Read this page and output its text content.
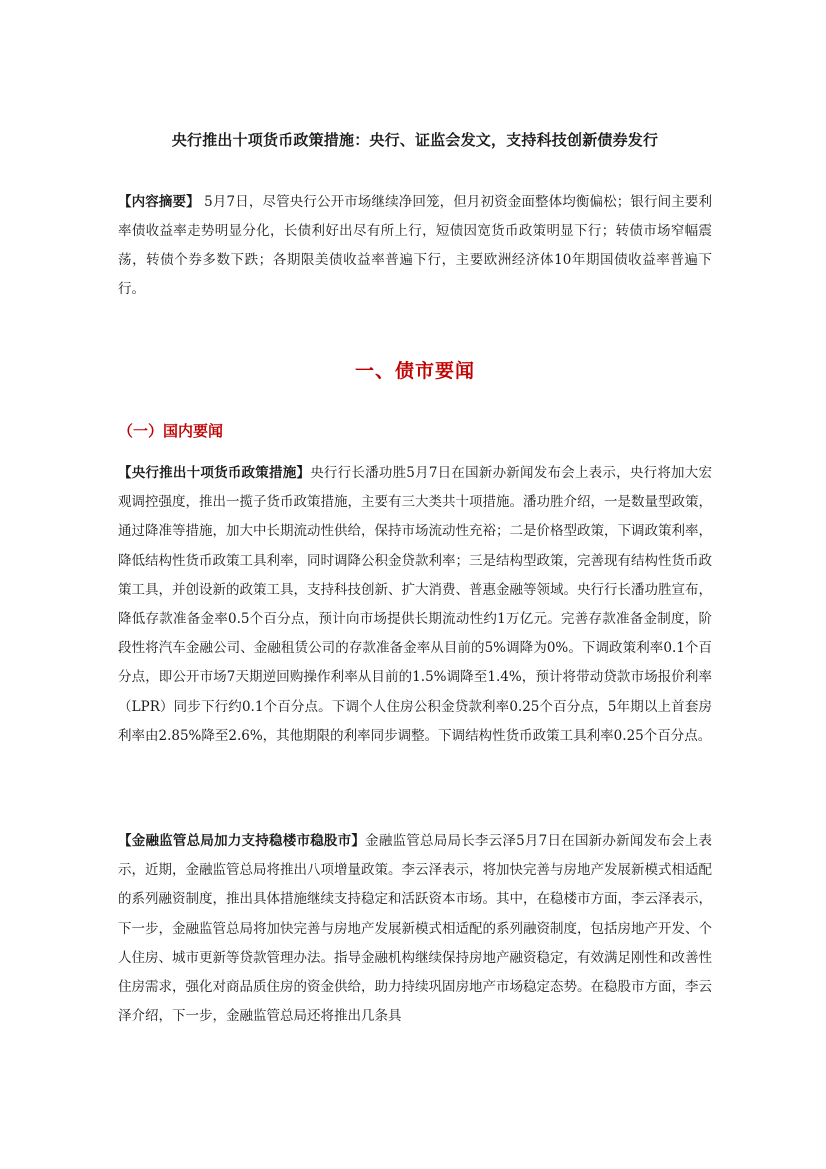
央行推出十项货币政策措施：央行、证监会发文，支持科技创新债券发行

【内容摘要】 5月7日，尽管央行公开市场继续净回笼，但月初资金面整体均衡偏松；银行间主要利率债收益率走势明显分化，长债利好出尽有所上行，短债因宽货币政策明显下行；转债市场窄幅震荡，转债个券多数下跌；各期限美债收益率普遍下行，主要欧洲经济体10年期国债收益率普遍下行。

一、债市要闻
（一）国内要闻

【央行推出十项货币政策措施】央行行长潘功胜5月7日在国新办新闻发布会上表示，央行将加大宏观调控强度，推出一揽子货币政策措施，主要有三大类共十项措施。潘功胜介绍，一是数量型政策，通过降准等措施，加大中长期流动性供给，保持市场流动性充裕；二是价格型政策，下调政策利率，降低结构性货币政策工具利率，同时调降公积金贷款利率；三是结构型政策，完善现有结构性货币政策工具，并创设新的政策工具，支持科技创新、扩大消费、普惠金融等领域。央行行长潘功胜宣布，降低存款准备金率0.5个百分点，预计向市场提供长期流动性约1万亿元。完善存款准备金制度，阶段性将汽车金融公司、金融租赁公司的存款准备金率从目前的5%调降为0%。下调政策利率0.1个百分点，即公开市场7天期逆回购操作利率从目前的1.5%调降至1.4%，预计将带动贷款市场报价利率（LPR）同步下行约0.1个百分点。下调个人住房公积金贷款利率0.25个百分点，5年期以上首套房利率由2.85%降至2.6%，其他期限的利率同步调整。下调结构性货币政策工具利率0.25个百分点。

【金融监管总局加力支持稳楼市稳股市】金融监管总局局长李云泽5月7日在国新办新闻发布会上表示，近期，金融监管总局将推出八项增量政策。李云泽表示，将加快完善与房地产发展新模式相适配的系列融资制度，推出具体措施继续支持稳定和活跃资本市场。其中，在稳楼市方面，李云泽表示，下一步，金融监管总局将加快完善与房地产发展新模式相适配的系列融资制度，包括房地产开发、个人住房、城市更新等贷款管理办法。指导金融机构继续保持房地产融资稳定，有效满足刚性和改善性住房需求，强化对商品质住房的资金供给，助力持续巩固房地产市场稳定态势。在稳股市方面，李云泽介绍，下一步，金融监管总局还将推出几条具
